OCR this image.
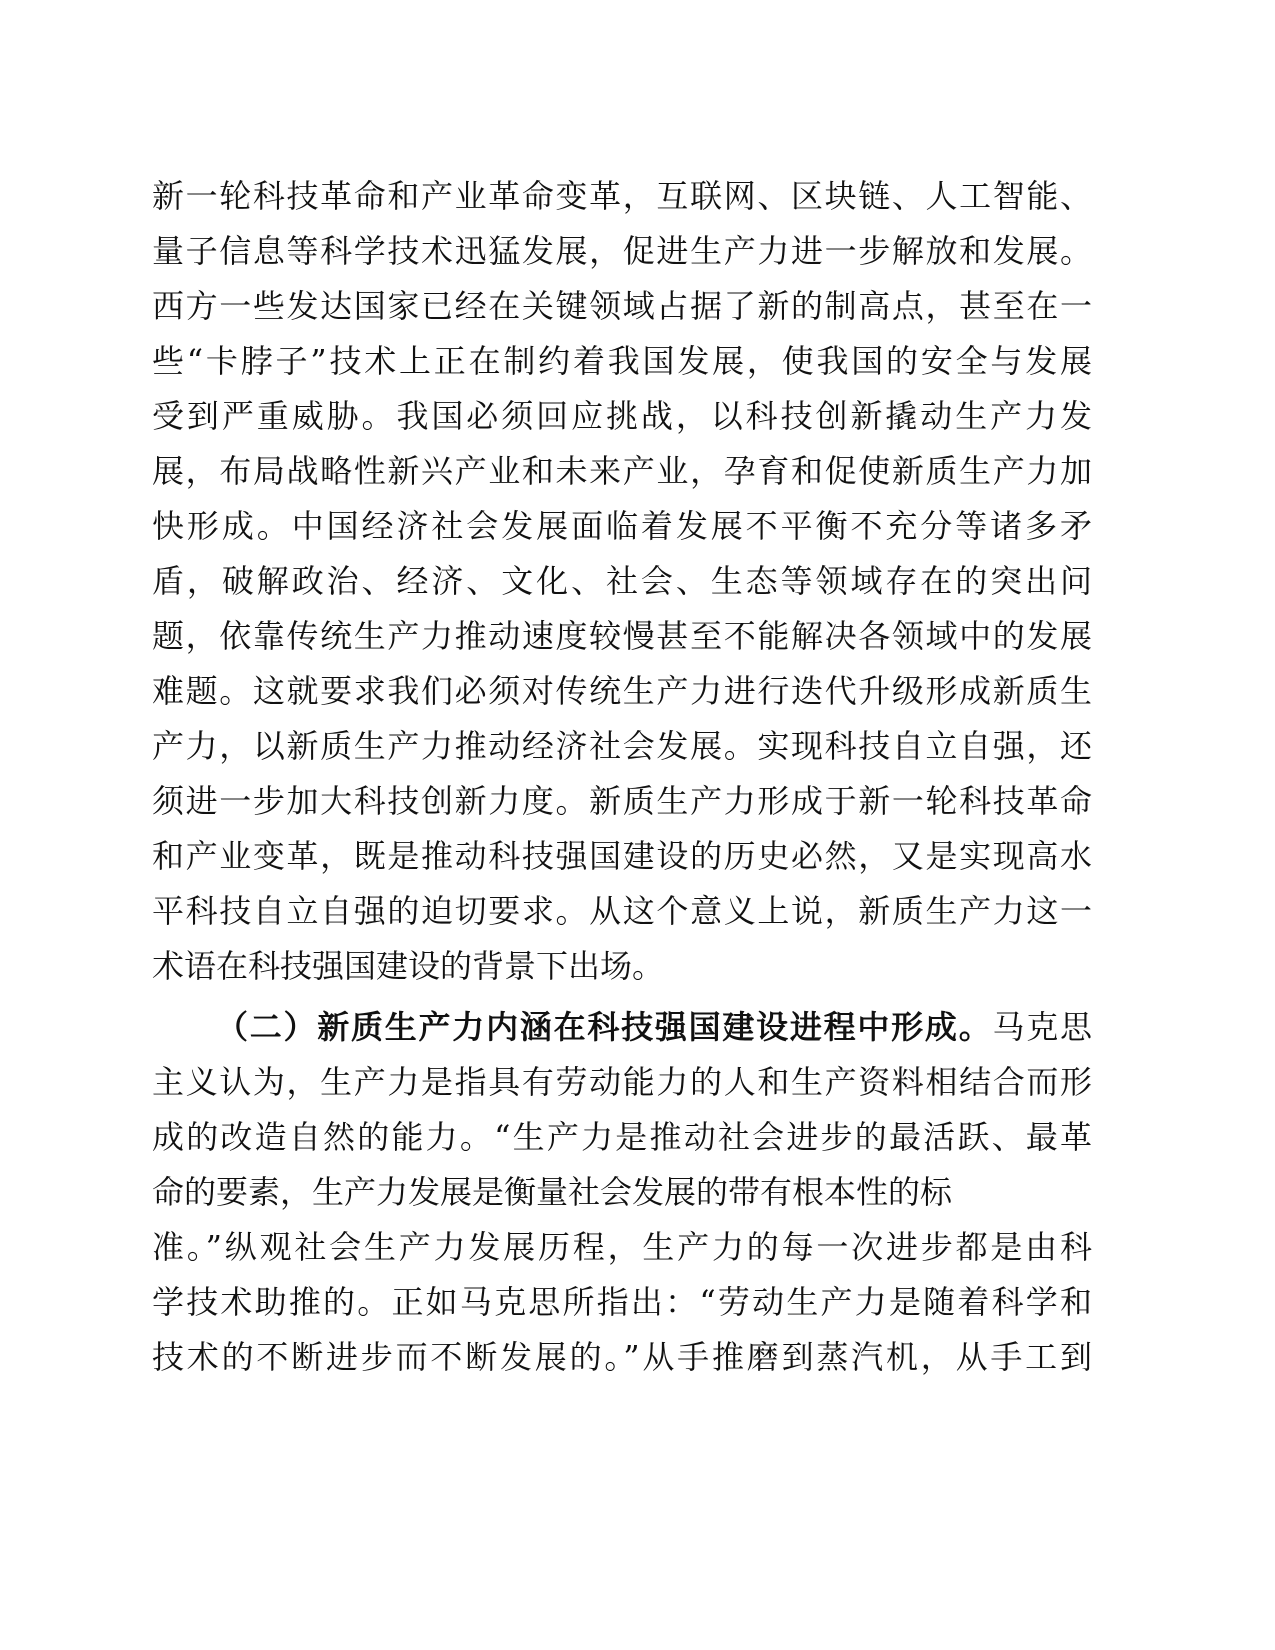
新一轮科技革命和产业革命变革，互联网、区块链、人工智能、
量子信息等科学技术迅猛发展，促进生产力进一步解放和发展。
西方一些发达国家已经在关键领域占据了新的制高点，甚至在一
些“卡脖子”技术上正在制约着我国发展，使我国的安全与发展
受到严重威胁。我国必须回应挑战，以科技创新撬动生产力发
展，布局战略性新兴产业和未来产业，孕育和促使新质生产力加
快形成。中国经济社会发展面临着发展不平衡不充分等诸多矛
盾，破解政治、经济、文化、社会、生态等领域存在的突出问
题，依靠传统生产力推动速度较慢甚至不能解决各领域中的发展
难题。这就要求我们必须对传统生产力进行迭代升级形成新质生
产力，以新质生产力推动经济社会发展。实现科技自立自强，还
须进一步加大科技创新力度。新质生产力形成于新一轮科技革命
和产业变革，既是推动科技强国建设的历史必然，又是实现高水
平科技自立自强的迫切要求。从这个意义上说，新质生产力这一
术语在科技强国建设的背景下出场。
（二）新质生产力内涵在科技强国建设进程中形成。马克思
主义认为，生产力是指具有劳动能力的人和生产资料相结合而形
成的改造自然的能力。“生产力是推动社会进步的最活跃、最革
命的要素，生产力发展是衡量社会发展的带有根本性的标
准。”纵观社会生产力发展历程，生产力的每一次进步都是由科
学技术助推的。正如马克思所指出：“劳动生产力是随着科学和
技术的不断进步而不断发展的。”从手推磨到蒸汽机，从手工到
